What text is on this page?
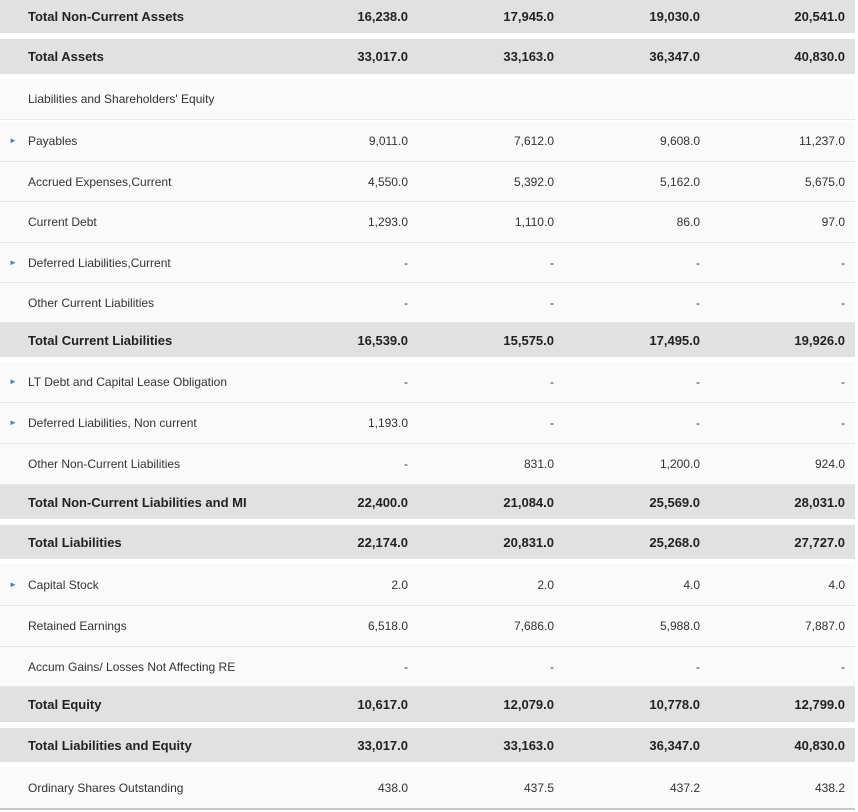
Total Non-Current Assets	16,238.0	17,945.0	19,030.0	20,541.0
Total Assets	33,017.0	33,163.0	36,347.0	40,830.0
Liabilities and Shareholders' Equity
► Payables	9,011.0	7,612.0	9,608.0	11,237.0
Accrued Expenses,Current	4,550.0	5,392.0	5,162.0	5,675.0
Current Debt	1,293.0	1,110.0	86.0	97.0
► Deferred Liabilities,Current	-	-	-	-
Other Current Liabilities	-	-	-	-
Total Current Liabilities	16,539.0	15,575.0	17,495.0	19,926.0
► LT Debt and Capital Lease Obligation	-	-	-	-
► Deferred Liabilities, Non current	1,193.0	-	-	-
Other Non-Current Liabilities	-	831.0	1,200.0	924.0
Total Non-Current Liabilities and MI	22,400.0	21,084.0	25,569.0	28,031.0
Total Liabilities	22,174.0	20,831.0	25,268.0	27,727.0
► Capital Stock	2.0	2.0	4.0	4.0
Retained Earnings	6,518.0	7,686.0	5,988.0	7,887.0
Accum Gains/ Losses Not Affecting RE	-	-	-	-
Total Equity	10,617.0	12,079.0	10,778.0	12,799.0
Total Liabilities and Equity	33,017.0	33,163.0	36,347.0	40,830.0
Ordinary Shares Outstanding	438.0	437.5	437.2	438.2
